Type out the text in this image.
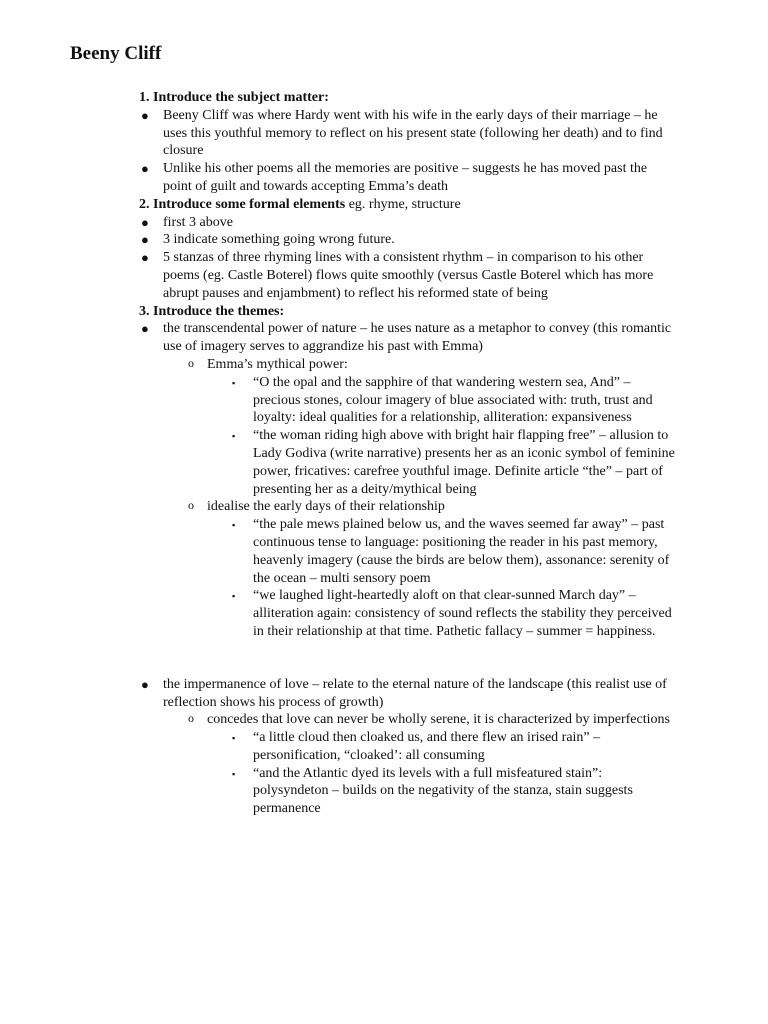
Beeny Cliff

1. Introduce the subject matter:

● Beeny Cliff was where Hardy went with his wife in the early days of their marriage – he uses this youthful memory to reflect on his present state (following her death) and to find closure
● Unlike his other poems all the memories are positive – suggests he has moved past the point of guilt and towards accepting Emma’s death

2. Introduce some formal elements eg. rhyme, structure

● first 3 above
● 3 indicate something going wrong future.
● 5 stanzas of three rhyming lines with a consistent rhythm – in comparison to his other poems (eg. Castle Boterel) flows quite smoothly (versus Castle Boterel which has more abrupt pauses and enjambment) to reflect his reformed state of being

3. Introduce the themes:

● the transcendental power of nature – he uses nature as a metaphor to convey (this romantic use of imagery serves to aggrandize his past with Emma)
o Emma’s mythical power:
▪ “O the opal and the sapphire of that wandering western sea, And” – precious stones, colour imagery of blue associated with: truth, trust and loyalty: ideal qualities for a relationship, alliteration: expansiveness
▪ “the woman riding high above with bright hair flapping free” – allusion to Lady Godiva (write narrative) presents her as an iconic symbol of feminine power, fricatives: carefree youthful image. Definite article “the” – part of presenting her as a deity/mythical being
o idealise the early days of their relationship
▪ “the pale mews plained below us, and the waves seemed far away” – past continuous tense to language: positioning the reader in his past memory, heavenly imagery (cause the birds are below them), assonance: serenity of the ocean – multi sensory poem
▪ “we laughed light-heartedly aloft on that clear-sunned March day” – alliteration again: consistency of sound reflects the stability they perceived in their relationship at that time. Pathetic fallacy – summer = happiness.
● the impermanence of love – relate to the eternal nature of the landscape (this realist use of reflection shows his process of growth)
o concedes that love can never be wholly serene, it is characterized by imperfections
▪ “a little cloud then cloaked us, and there flew an irised rain” – personification, “cloaked’: all consuming
▪ “and the Atlantic dyed its levels with a full misfeatured stain”: polysyndeton – builds on the negativity of the stanza, stain suggests permanence
